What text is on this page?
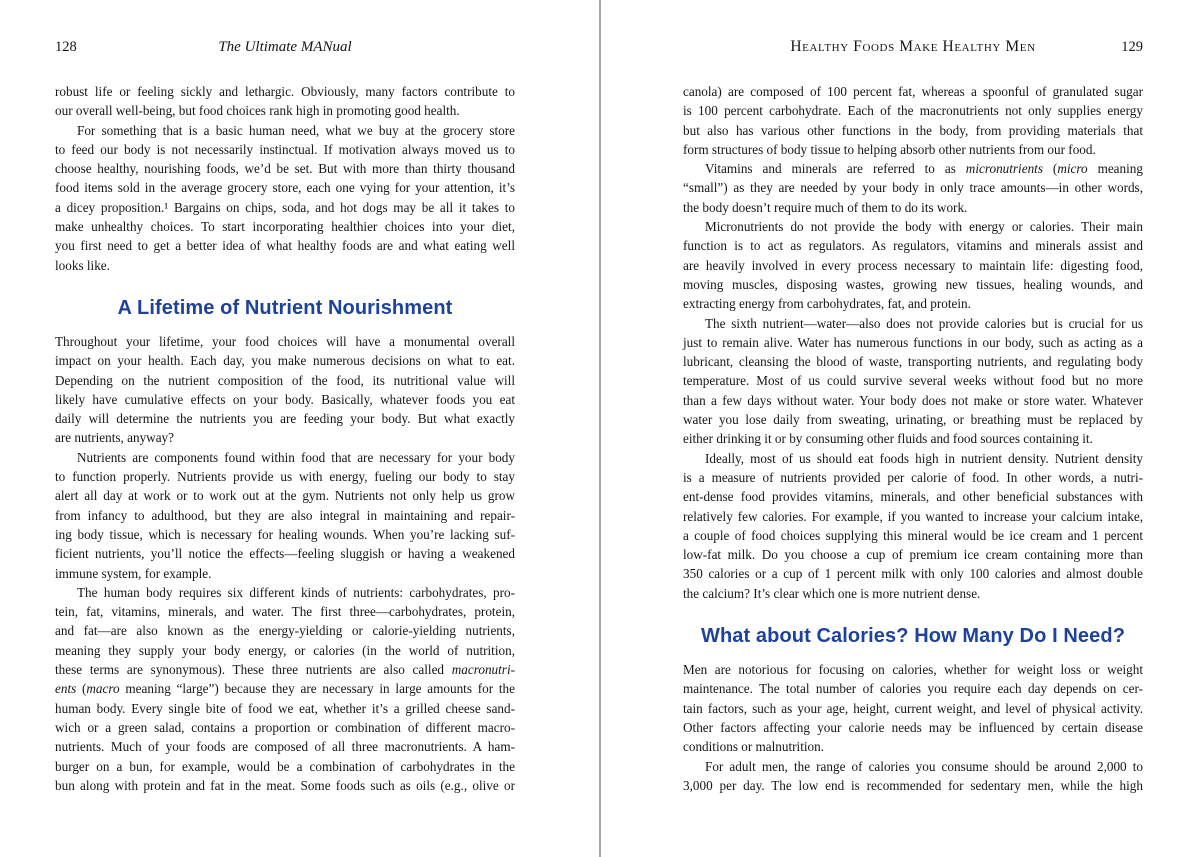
128	The Ultimate MANual
robust life or feeling sickly and lethargic. Obviously, many factors contribute to
our overall well-being, but food choices rank high in promoting good health.
For something that is a basic human need, what we buy at the grocery store
to feed our body is not necessarily instinctual. If motivation always moved us to
choose healthy, nourishing foods, we’d be set. But with more than thirty thousand
food items sold in the average grocery store, each one vying for your attention, it’s
a dicey proposition.¹ Bargains on chips, soda, and hot dogs may be all it takes to
make unhealthy choices. To start incorporating healthier choices into your diet,
you first need to get a better idea of what healthy foods are and what eating well
looks like.
A Lifetime of Nutrient Nourishment
Throughout your lifetime, your food choices will have a monumental overall
impact on your health. Each day, you make numerous decisions on what to eat.
Depending on the nutrient composition of the food, its nutritional value will
likely have cumulative effects on your body. Basically, whatever foods you eat
daily will determine the nutrients you are feeding your body. But what exactly
are nutrients, anyway?
Nutrients are components found within food that are necessary for your body
to function properly. Nutrients provide us with energy, fueling our body to stay
alert all day at work or to work out at the gym. Nutrients not only help us grow
from infancy to adulthood, but they are also integral in maintaining and repair-
ing body tissue, which is necessary for healing wounds. When you’re lacking suf-
ficient nutrients, you’ll notice the effects—feeling sluggish or having a weakened
immune system, for example.
The human body requires six different kinds of nutrients: carbohydrates, pro-
tein, fat, vitamins, minerals, and water. The first three—carbohydrates, protein,
and fat—are also known as the energy-yielding or calorie-yielding nutrients,
meaning they supply your body energy, or calories (in the world of nutrition,
these terms are synonymous). These three nutrients are also called macronutri-
ents (macro meaning “large”) because they are necessary in large amounts for the
human body. Every single bite of food we eat, whether it’s a grilled cheese sand-
wich or a green salad, contains a proportion or combination of different macro-
nutrients. Much of your foods are composed of all three macronutrients. A ham-
burger on a bun, for example, would be a combination of carbohydrates in the
bun along with protein and fat in the meat. Some foods such as oils (e.g., olive or
Healthy Foods Make Healthy Men	129
canola) are composed of 100 percent fat, whereas a spoonful of granulated sugar
is 100 percent carbohydrate. Each of the macronutrients not only supplies energy
but also has various other functions in the body, from providing materials that
form structures of body tissue to helping absorb other nutrients from our food.
Vitamins and minerals are referred to as micronutrients (micro meaning
“small”) as they are needed by your body in only trace amounts—in other words,
the body doesn’t require much of them to do its work.
Micronutrients do not provide the body with energy or calories. Their main
function is to act as regulators. As regulators, vitamins and minerals assist and
are heavily involved in every process necessary to maintain life: digesting food,
moving muscles, disposing wastes, growing new tissues, healing wounds, and
extracting energy from carbohydrates, fat, and protein.
The sixth nutrient—water—also does not provide calories but is crucial for us
just to remain alive. Water has numerous functions in our body, such as acting as a
lubricant, cleansing the blood of waste, transporting nutrients, and regulating body
temperature. Most of us could survive several weeks without food but no more
than a few days without water. Your body does not make or store water. Whatever
water you lose daily from sweating, urinating, or breathing must be replaced by
either drinking it or by consuming other fluids and food sources containing it.
Ideally, most of us should eat foods high in nutrient density. Nutrient density
is a measure of nutrients provided per calorie of food. In other words, a nutri-
ent-dense food provides vitamins, minerals, and other beneficial substances with
relatively few calories. For example, if you wanted to increase your calcium intake,
a couple of food choices supplying this mineral would be ice cream and 1 percent
low-fat milk. Do you choose a cup of premium ice cream containing more than
350 calories or a cup of 1 percent milk with only 100 calories and almost double
the calcium? It’s clear which one is more nutrient dense.
What about Calories? How Many Do I Need?
Men are notorious for focusing on calories, whether for weight loss or weight
maintenance. The total number of calories you require each day depends on cer-
tain factors, such as your age, height, current weight, and level of physical activity.
Other factors affecting your calorie needs may be influenced by certain disease
conditions or malnutrition.
For adult men, the range of calories you consume should be around 2,000 to
3,000 per day. The low end is recommended for sedentary men, while the high
